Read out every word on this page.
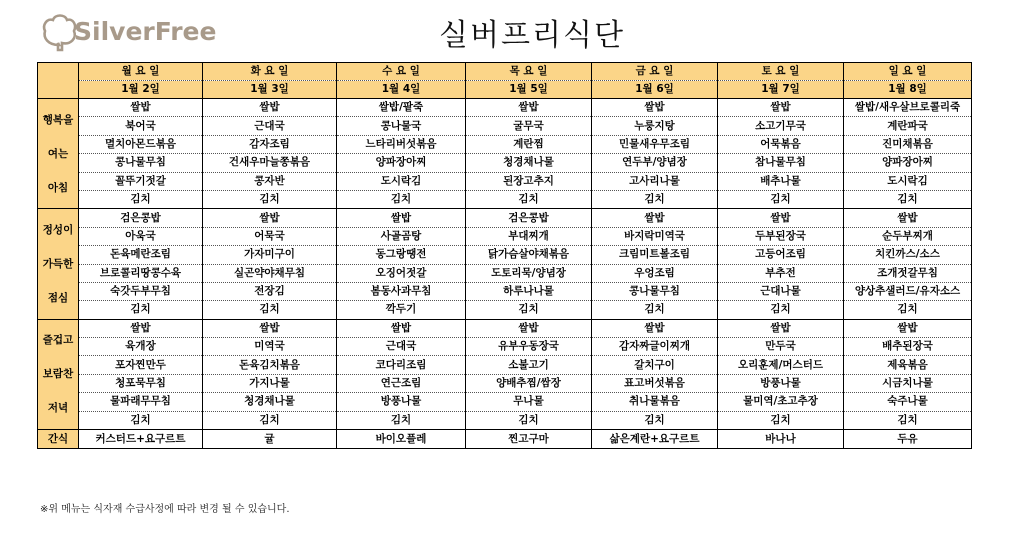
SilverFree	실버프리식단
	월 요 일	화 요 일	수 요 일	목 요 일	금 요 일	토 요 일	일 요 일
	1월 2일	1월 3일	1월 4일	1월 5일	1월 6일	1월 7일	1월 8일

행복을
여는
아침	쌀밥	쌀밥	쌀밥/팥죽	쌀밥	쌀밥	쌀밥	쌀밥/새우살브로콜리죽
	북어국	근대국	콩나물국	굴무국	누룽지탕	소고기무국	계란파국
	멸치아몬드볶음	감자조림	느타리버섯볶음	계란찜	민물새우무조림	어묵볶음	진미채볶음
	콩나물무침	건새우마늘쫑볶음	양파장아찌	청경채나물	연두부/양념장	참나물무침	양파장아찌
	꼴뚜기젓갈	콩자반	도시락김	된장고추지	고사리나물	배추나물	도시락김
	김치	김치	김치	김치	김치	김치	김치

정성이
가득한
점심	검은콩밥	쌀밥	쌀밥	검은콩밥	쌀밥	쌀밥	쌀밥
	아욱국	어묵국	사골곰탕	부대찌개	바지락미역국	두부된장국	순두부찌개
	돈육메란조림	가자미구이	동그랑땡전	닭가슴살야채볶음	크림미트볼조림	고등어조림	치킨까스/소스
	브로콜리땅콩수육	실곤약야채무침	오징어젓갈	도토리묵/양념장	우엉조림	부추전	조개젓갈무침
	숙갓두부무침	전장김	봄동사과무침	하루나나물	콩나물무침	근대나물	양상추샐러드/유자소스
	김치	김치	깍두기	김치	김치	김치	김치

즐겁고
보람찬
저녁	쌀밥	쌀밥	쌀밥	쌀밥	쌀밥	쌀밥	쌀밥
	육개장	미역국	근대국	유부우동장국	감자짜글이찌개	만두국	배추된장국
	포자찐만두	돈육김치볶음	코다리조림	소불고기	갈치구이	오리훈제/머스터드	제육볶음
	청포묵무침	가지나물	연근조림	양배추찜/쌈장	표고버섯볶음	방풍나물	시금치나물
	물파래무무침	청경채나물	방풍나물	무나물	취나물볶음	물미역/초고추장	숙주나물
	김치	김치	김치	김치	김치	김치	김치
간식	커스터드+요구르트	귤	바이오플레	찐고구마	삶은계란+요구르트	바나나	두유
※위 메뉴는 식자재 수급사정에 따라 변경 될 수 있습니다.
